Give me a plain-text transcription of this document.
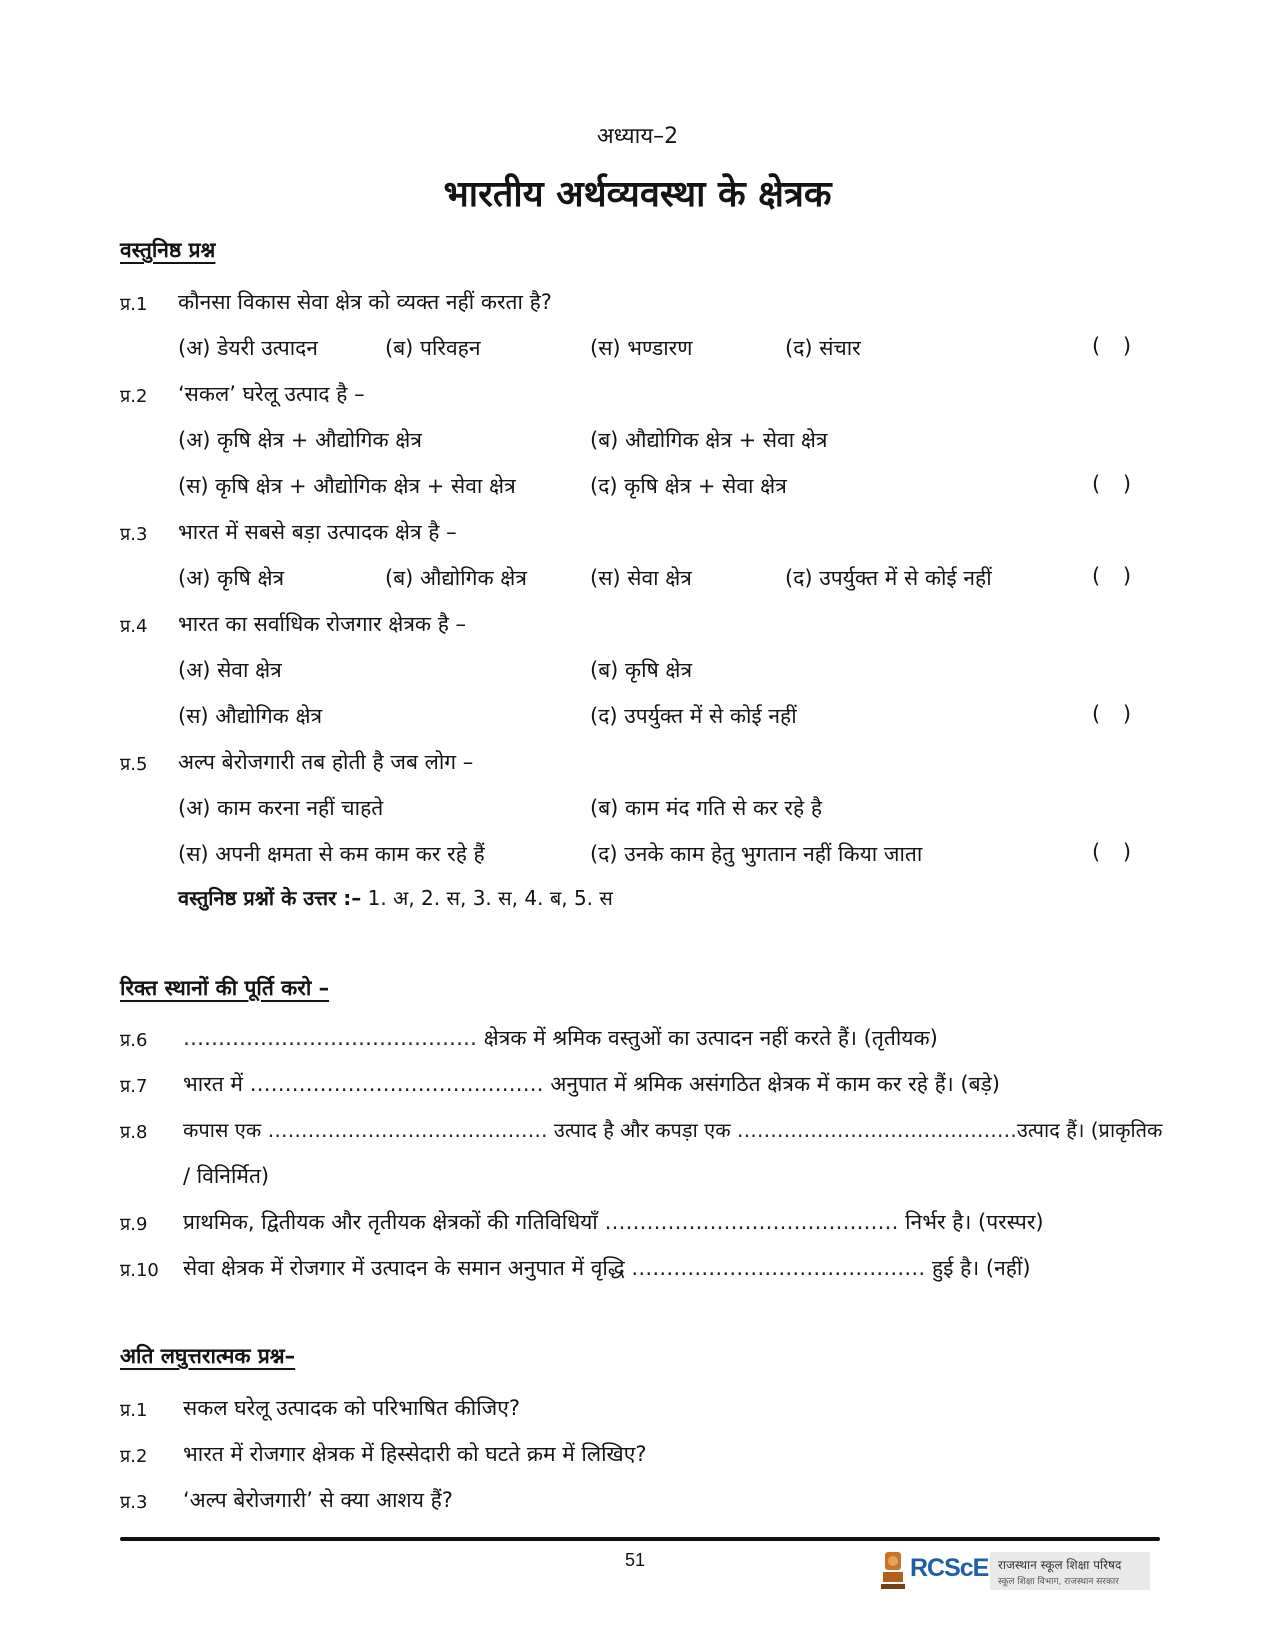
अध्याय–2
भारतीय अर्थव्यवस्था के क्षेत्रक
वस्तुनिष्ठ प्रश्न
प्र.1 कौनसा विकास सेवा क्षेत्र को व्यक्त नहीं करता है?
(अ) डेयरी उत्पादन	(ब) परिवहन	(स) भण्डारण	(द) संचार	( )
प्र.2 ‘सकल’ घरेलू उत्पाद है –
(अ) कृषि क्षेत्र + औद्योगिक क्षेत्र	(ब) औद्योगिक क्षेत्र + सेवा क्षेत्र
(स) कृषि क्षेत्र + औद्योगिक क्षेत्र + सेवा क्षेत्र	(द) कृषि क्षेत्र + सेवा क्षेत्र	( )
प्र.3 भारत में सबसे बड़ा उत्पादक क्षेत्र है –
(अ) कृषि क्षेत्र	(ब) औद्योगिक क्षेत्र	(स) सेवा क्षेत्र	(द) उपर्युक्त में से कोई नहीं	( )
प्र.4 भारत का सर्वाधिक रोजगार क्षेत्रक है –
(अ) सेवा क्षेत्र	(ब) कृषि क्षेत्र
(स) औद्योगिक क्षेत्र	(द) उपर्युक्त में से कोई नहीं	( )
प्र.5 अल्प बेरोजगारी तब होती है जब लोग –
(अ) काम करना नहीं चाहते	(ब) काम मंद गति से कर रहे है
(स) अपनी क्षमता से कम काम कर रहे हैं	(द) उनके काम हेतु भुगतान नहीं किया जाता	( )
वस्तुनिष्ठ प्रश्नों के उत्तर :– 1. अ, 2. स, 3. स, 4. ब, 5. स
रिक्त स्थानों की पूर्ति करो –
प्र.6 …………………………………… क्षेत्रक में श्रमिक वस्तुओं का उत्पादन नहीं करते हैं। (तृतीयक)
प्र.7 भारत में …………………………………… अनुपात में श्रमिक असंगठित क्षेत्रक में काम कर रहे हैं। (बड़े)
प्र.8 कपास एक …………………………………… उत्पाद है और कपड़ा एक ……………………………………उत्पाद हैं। (प्राकृतिक
/ विनिर्मित)
प्र.9 प्राथमिक, द्वितीयक और तृतीयक क्षेत्रकों की गतिविधियाँ …………………………………… निर्भर है। (परस्पर)
प्र.10 सेवा क्षेत्रक में रोजगार में उत्पादन के समान अनुपात में वृद्धि …………………………………… हुई है। (नहीं)
अति लघुत्तरात्मक प्रश्न–
प्र.1 सकल घरेलू उत्पादक को परिभाषित कीजिए?
प्र.2 भारत में रोजगार क्षेत्रक में हिस्सेदारी को घटते क्रम में लिखिए?
प्र.3 ‘अल्प बेरोजगारी’ से क्या आशय हैं?
51	RCScE राजस्थान स्कूल शिक्षा परिषद
स्कूल शिक्षा विभाग, राजस्थान सरकार
